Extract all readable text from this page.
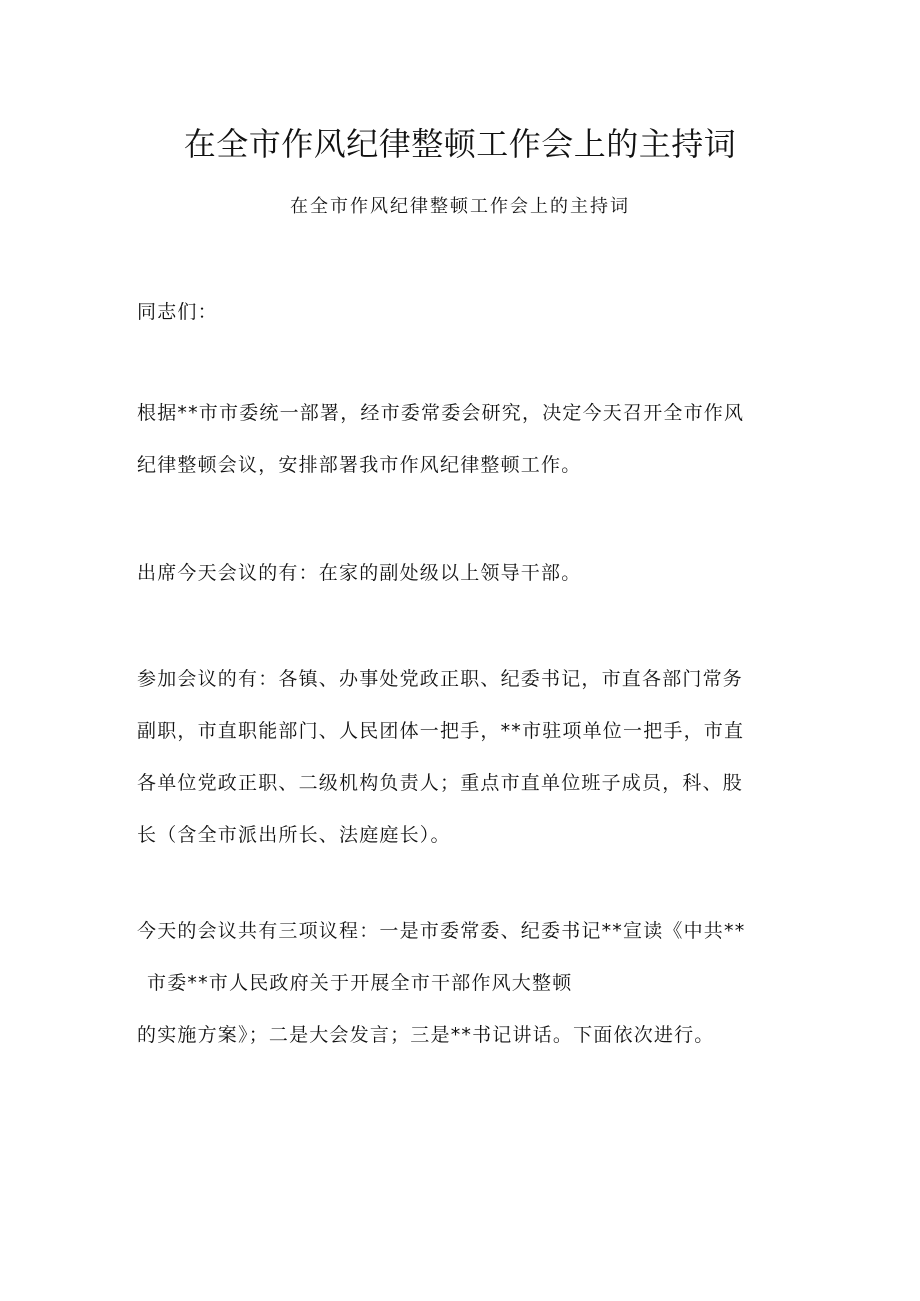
在全市作风纪律整顿工作会上的主持词
在全市作风纪律整顿工作会上的主持词

同志们：

根据**市市委统一部署，经市委常委会研究，决定今天召开全市作风
纪律整顿会议，安排部署我市作风纪律整顿工作。

出席今天会议的有：在家的副处级以上领导干部。

参加会议的有：各镇、办事处党政正职、纪委书记，市直各部门常务
副职，市直职能部门、人民团体一把手，**市驻项单位一把手，市直
各单位党政正职、二级机构负责人；重点市直单位班子成员，科、股
长（含全市派出所长、法庭庭长）。

今天的会议共有三项议程：一是市委常委、纪委书记**宣读《中共**
市委**市人民政府关于开展全市干部作风大整顿
的实施方案》；二是大会发言；三是**书记讲话。下面依次进行。
